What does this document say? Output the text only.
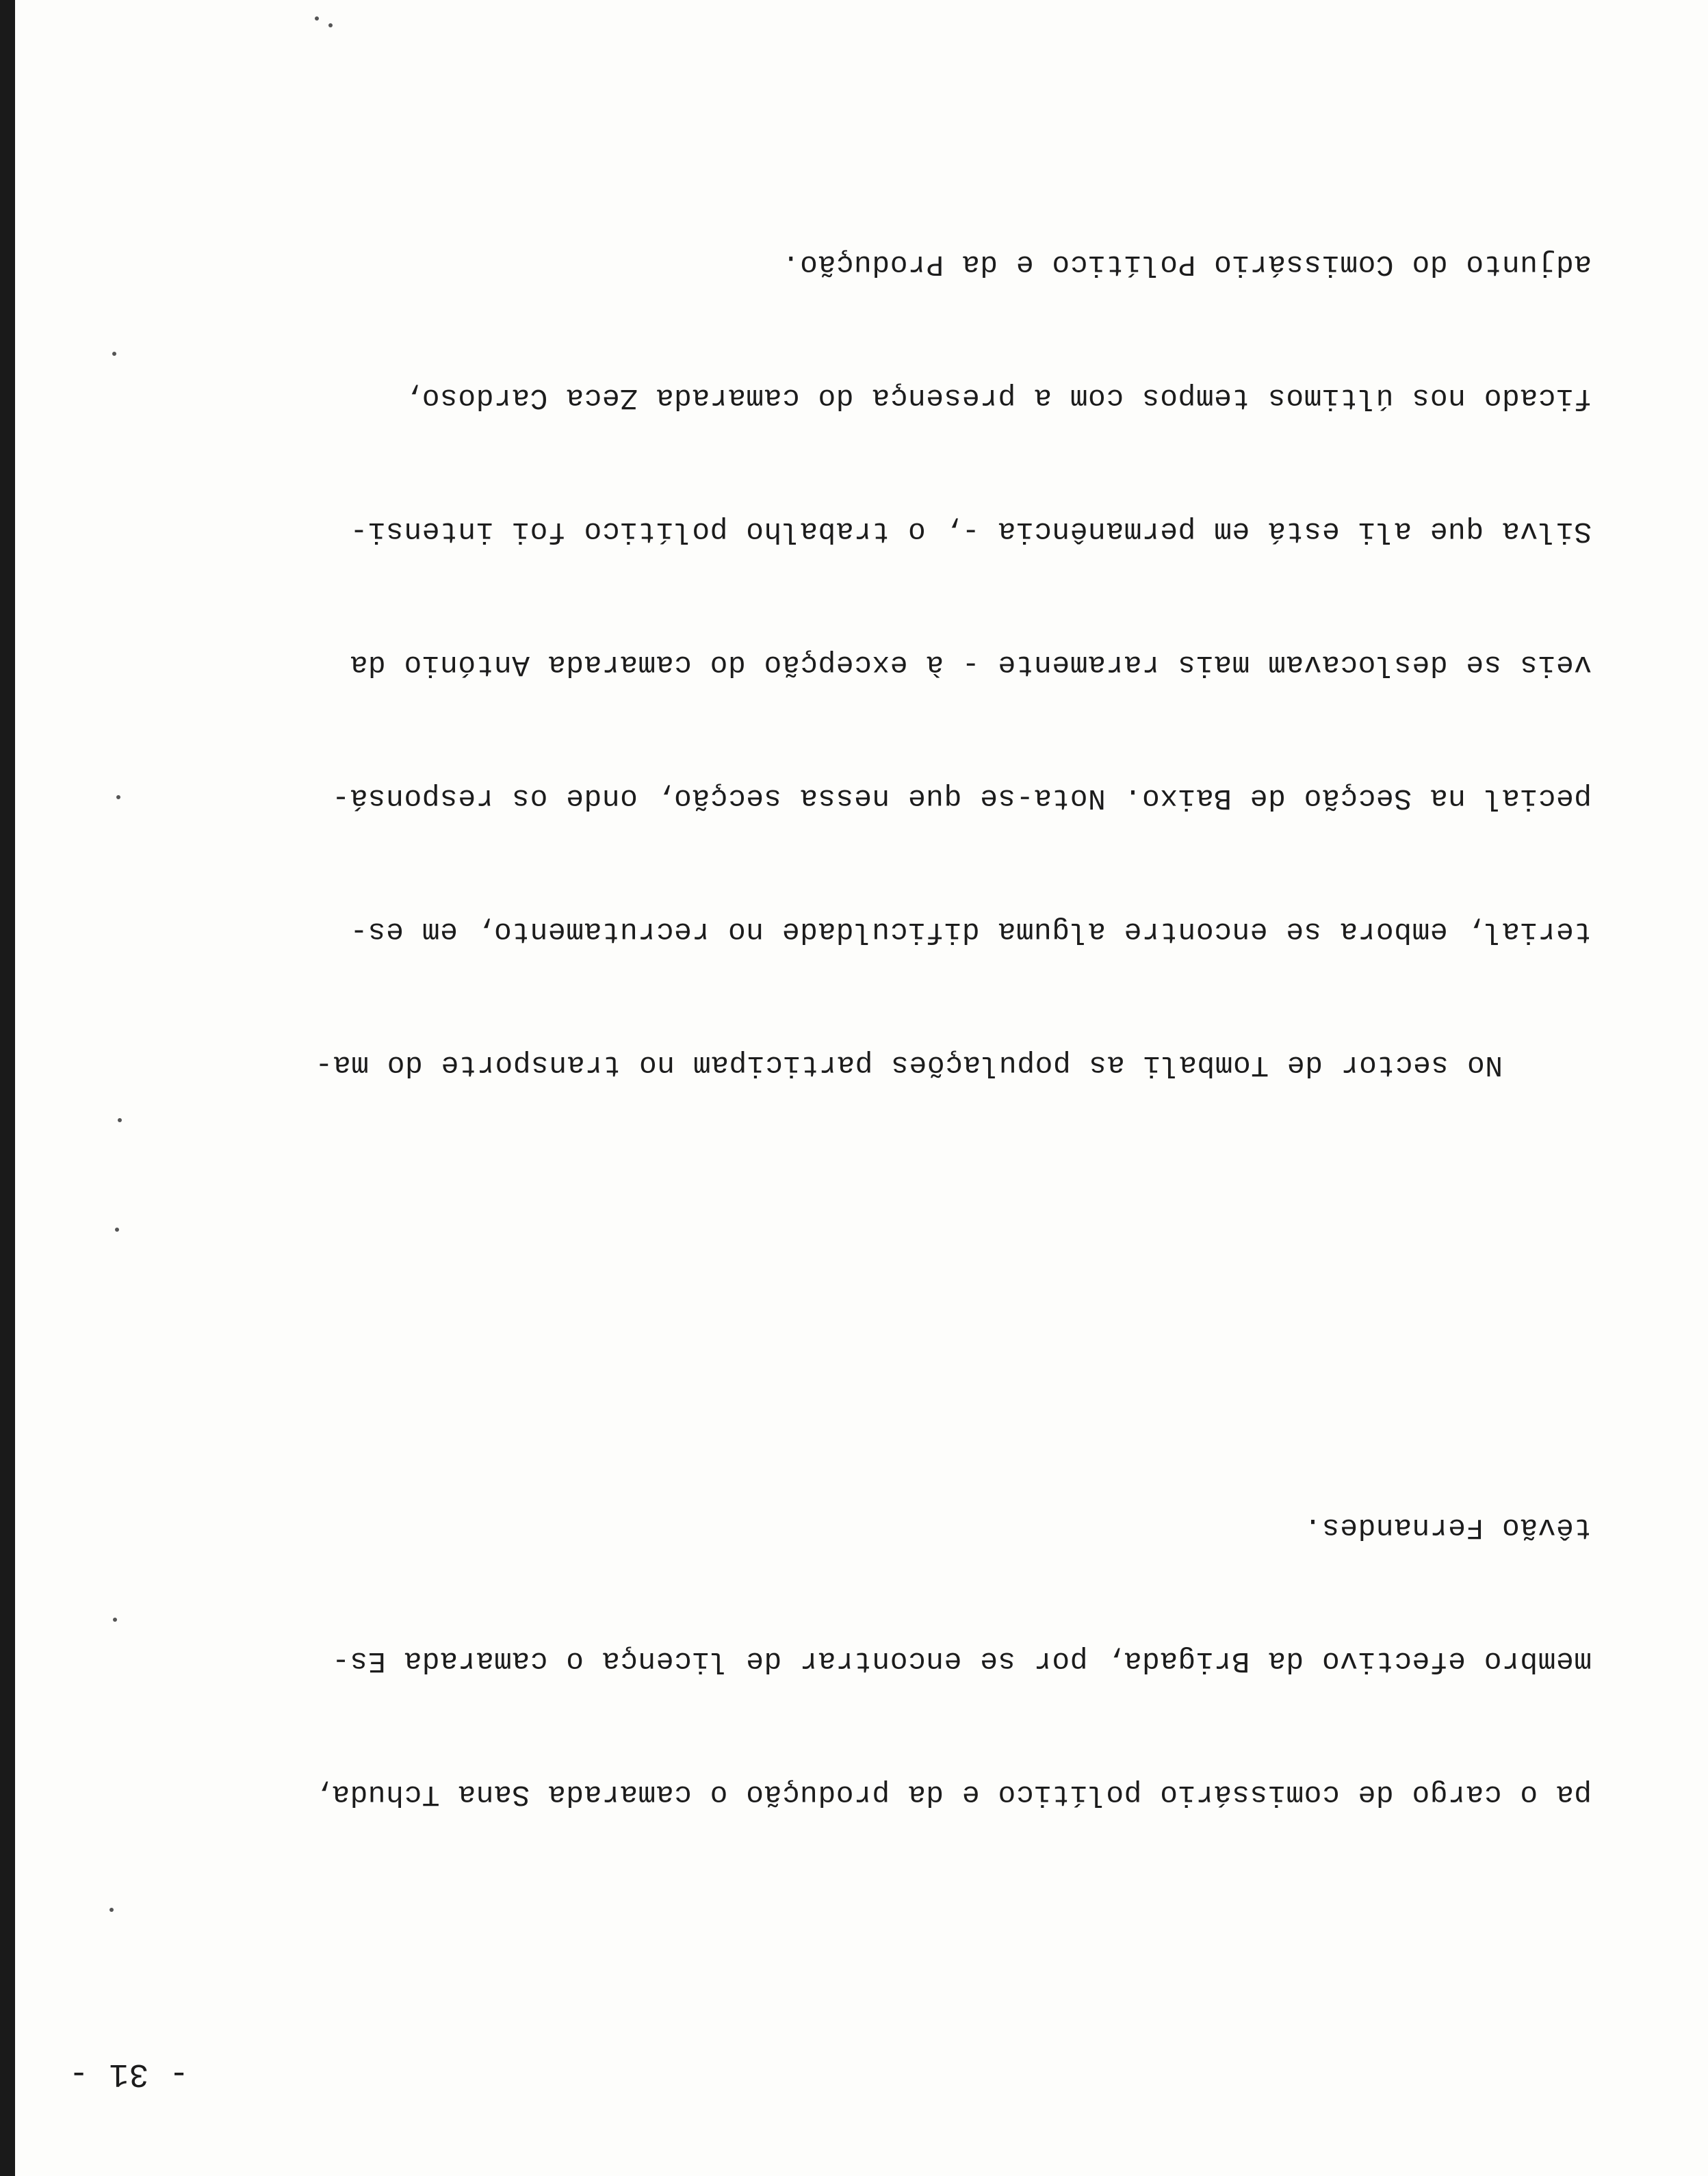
- 31 -

pa o cargo de comissário político e da produção o camarada Sana Tchuda,

membro efectivo da Brigada, por se encontrar de licença o camarada Es-

têvão Fernandes.

No sector de Tombali as populações participam no transporte do ma-

terial, embora se encontre alguma dificuldade no recrutamento, em es-

pecial na Secção de Baixo. Nota-se que nessa secção, onde os responsá-

veis se deslocavam mais raramente - à excepção do camarada António da

Silva que ali está em permanência -, o trabalho político foi intensi-

ficado nos últimos tempos com a presença do camarada Zeca Cardoso,

adjunto do Comissário Político e da Produção.
